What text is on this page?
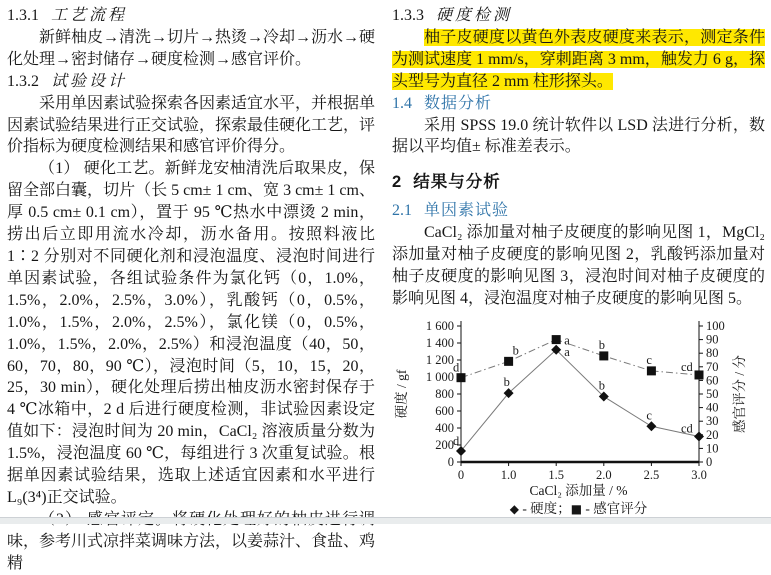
1.3.1 工艺流程

新鲜柚皮→清洗→切片→热烫→冷却→沥水→硬化处理→密封储存→硬度检测→感官评价。

1.3.2 试验设计

采用单因素试验探索各因素适宜水平，并根据单因素试验结果进行正交试验，探索最佳硬化工艺，评价指标为硬度检测结果和感官评价得分。

（1） 硬化工艺。新鲜龙安柚清洗后取果皮，保留全部白囊，切片（长 5 cm± 1 cm、宽 3 cm± 1 cm、厚 0.5 cm± 0.1 cm），置于 95 ℃热水中漂烫 2 min，捞出后立即用流水冷却，沥水备用。按照料液比 1∶2 分别对不同硬化剂和浸泡温度、浸泡时间进行单因素试验，各组试验条件为氯化钙（0，1.0%，1.5%，2.0%，2.5%，3.0%），乳酸钙（0，0.5%，1.0%，1.5%，2.0%，2.5%），氯化镁（0，0.5%，1.0%，1.5%，2.0%，2.5%）和浸泡温度（40，50，60，70，80，90 ℃），浸泡时间（5，10，15，20，25，30 min），硬化处理后捞出柚皮沥水密封保存于 4 ℃冰箱中，2 d 后进行硬度检测，非试验因素设定值如下：浸泡时间为 20 min，CaCl₂ 溶液质量分数为 1.5%，浸泡温度 60 ℃，每组进行 3 次重复试验。根据单因素试验结果，选取上述适宜因素和水平进行 L₉(3⁴)正交试验。

味，参考川式凉拌菜调味方法，以姜蒜汁、食盐、鸡精

1.3.3 硬度检测

柚子皮硬度以黄色外表皮硬度来表示，测定条件为测试速度 1 mm/s，穿刺距离 3 mm，触发力 6 g，探头型号为直径 2 mm 柱形探头。

1.4 数据分析

采用 SPSS 19.0 统计软件以 LSD 法进行分析，数据以平均值± 标准差表示。

2 结果与分析
2.1 单因素试验

CaCl₂ 添加量对柚子皮硬度的影响见图 1，MgCl₂ 添加量对柚子皮硬度的影响见图 2，乳酸钙添加量对柚子皮硬度的影响见图 3，浸泡时间对柚子皮硬度的影响见图 4，浸泡温度对柚子皮硬度的影响见图 5。

0
200
400
600
800
1 000
1 200
1 400
1 600
0
10
20
30
40
50
60
70
80
90
100
0	1.0	1.5	2.0	2.5	3.0
硬度 / gf	感官评分 / 分
d
b
a
b
c
cd
d
b
a b
c
cd
CaCl₂ 添加量 / %
◆ - 硬度；■ - 感官评分
